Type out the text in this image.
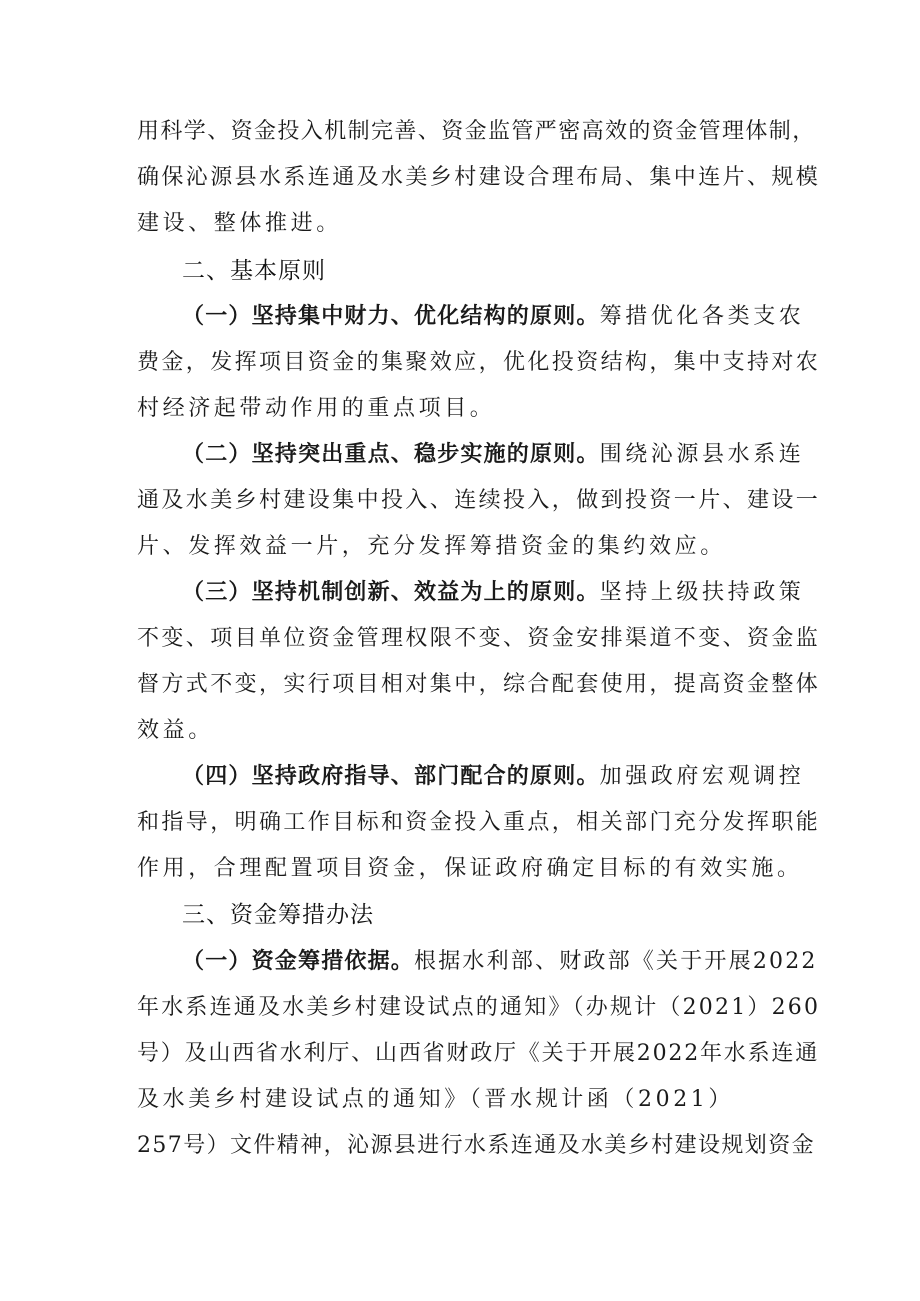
用科学、资金投入机制完善、资金监管严密高效的资金管理体制，
确保沁源县水系连通及水美乡村建设合理布局、集中连片、规模
建设、整体推进。
二、基本原则
（一）坚持集中财力、优化结构的原则。筹措优化各类支农
费金，发挥项目资金的集聚效应，优化投资结构，集中支持对农
村经济起带动作用的重点项目。
（二）坚持突出重点、稳步实施的原则。围绕沁源县水系连
通及水美乡村建设集中投入、连续投入，做到投资一片、建设一
片、发挥效益一片，充分发挥筹措资金的集约效应。
（三）坚持机制创新、效益为上的原则。坚持上级扶持政策
不变、项目单位资金管理权限不变、资金安排渠道不变、资金监
督方式不变，实行项目相对集中，综合配套使用，提高资金整体
效益。
（四）坚持政府指导、部门配合的原则。加强政府宏观调控
和指导，明确工作目标和资金投入重点，相关部门充分发挥职能
作用，合理配置项目资金，保证政府确定目标的有效实施。
三、资金筹措办法
（一）资金筹措依据。根据水利部、财政部《关于开展2022
年水系连通及水美乡村建设试点的通知》（办规计（2021）260
号）及山西省水利厅、山西省财政厅《关于开展2022年水系连通
及水美乡村建设试点的通知》（晋水规计函（2021）
257号）文件精神，沁源县进行水系连通及水美乡村建设规划资金
